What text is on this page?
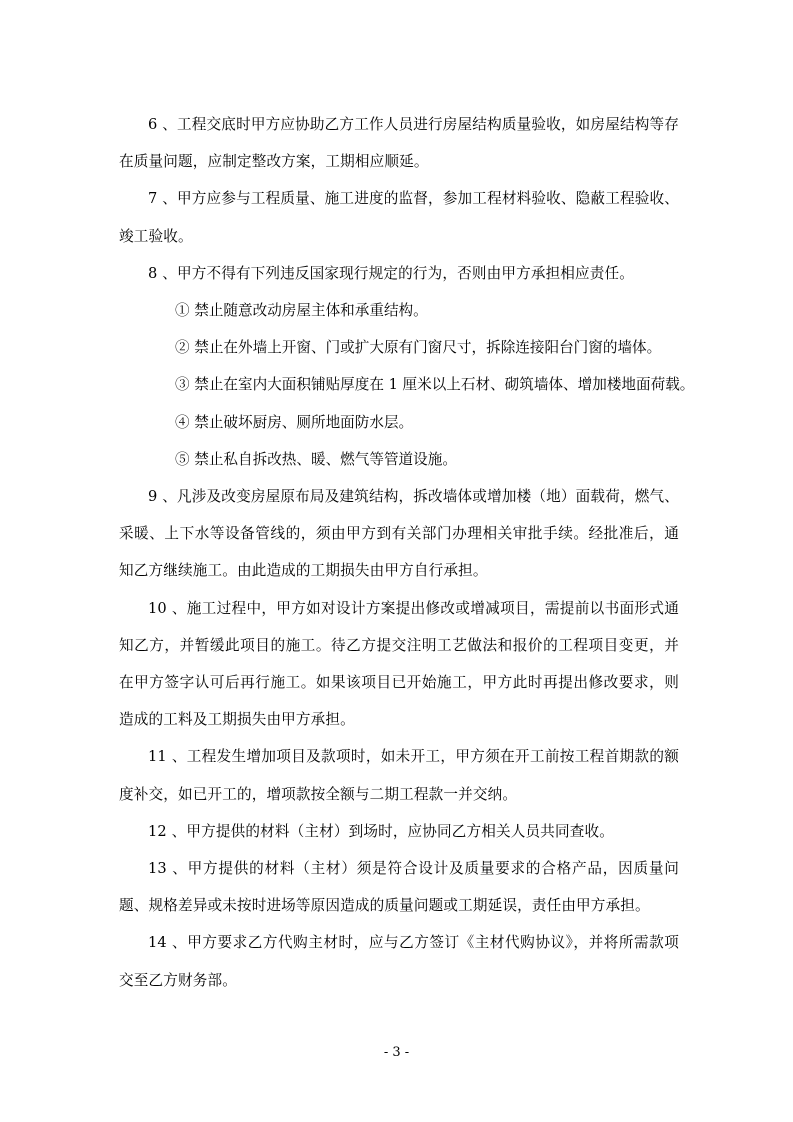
6 、工程交底时甲方应协助乙方工作人员进行房屋结构质量验收，如房屋结构等存在质量问题，应制定整改方案，工期相应顺延。

7 、甲方应参与工程质量、施工进度的监督，参加工程材料验收、隐蔽工程验收、竣工验收。

8 、甲方不得有下列违反国家现行规定的行为，否则由甲方承担相应责任。

① 禁止随意改动房屋主体和承重结构。

② 禁止在外墙上开窗、门或扩大原有门窗尺寸，拆除连接阳台门窗的墙体。

③ 禁止在室内大面积铺贴厚度在 1 厘米以上石材、砌筑墙体、增加楼地面荷载。

④ 禁止破坏厨房、厕所地面防水层。

⑤ 禁止私自拆改热、暖、燃气等管道设施。

9 、凡涉及改变房屋原布局及建筑结构，拆改墙体或增加楼（地）面载荷，燃气、采暖、上下水等设备管线的，须由甲方到有关部门办理相关审批手续。经批准后，通知乙方继续施工。由此造成的工期损失由甲方自行承担。

10 、施工过程中，甲方如对设计方案提出修改或增减项目，需提前以书面形式通知乙方，并暂缓此项目的施工。待乙方提交注明工艺做法和报价的工程项目变更，并在甲方签字认可后再行施工。如果该项目已开始施工，甲方此时再提出修改要求，则造成的工料及工期损失由甲方承担。

11 、工程发生增加项目及款项时，如未开工，甲方须在开工前按工程首期款的额度补交，如已开工的，增项款按全额与二期工程款一并交纳。

12 、甲方提供的材料（主材）到场时，应协同乙方相关人员共同查收。

13 、甲方提供的材料（主材）须是符合设计及质量要求的合格产品，因质量问题、规格差异或未按时进场等原因造成的质量问题或工期延误，责任由甲方承担。

14 、甲方要求乙方代购主材时，应与乙方签订《主材代购协议》，并将所需款项交至乙方财务部。

- 3 -
